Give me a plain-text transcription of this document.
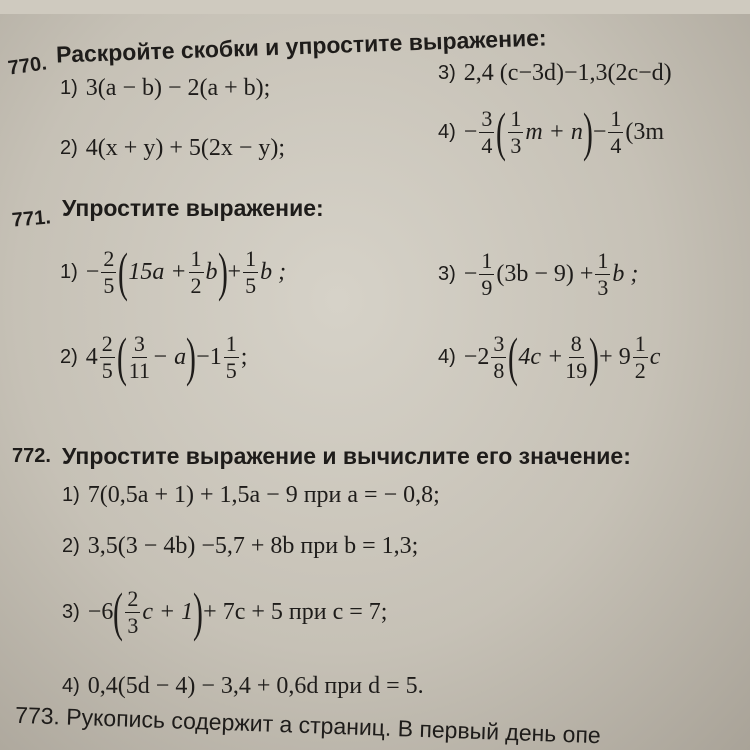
770. Раскройте скобки и упростите выражение:
1) 3(a − b) − 2(a + b);
3) 2,4 (c−3d)−1,3(2c−d)
2) 4(x + y) + 5(2x − y);
$4) - \frac{3}{4}$ ( $\frac{1}{3}$ m + n ) − $\frac{1}{4} (3m$
771. Упростите выражение:
$1) - \frac{2}{5}$ ( $15a + \frac{1}{2}$ b ) + $\frac{1}{5}$ b ;	$3) - \frac{1}{9} (3b - 9) + \frac{1}{3}$ b ;
2) $4 \frac{2}{5}$ ( $\frac{3}{11} - a$ ) $-1 \frac{1}{5}$ ;	$4) -2 \frac{3}{8}$ ( $4c + \frac{8}{19}$ ) + $9 \frac{1}{2}$ c
772. Упростите выражение и вычислите его значение:
1) 7(0,5a + 1) + 1,5a − 9 при a = − 0,8;
2) 3,5(3 − 4b) −5,7 + 8b при b = 1,3;
3) −6 ( $\frac{2}{3}$ c + 1 ) + 7c + 5 при c = 7;
4) 0,4(5d − 4) − 3,4 + 0,6d при d = 5.
773. Рукопись содержит а страниц. В первый день опе
